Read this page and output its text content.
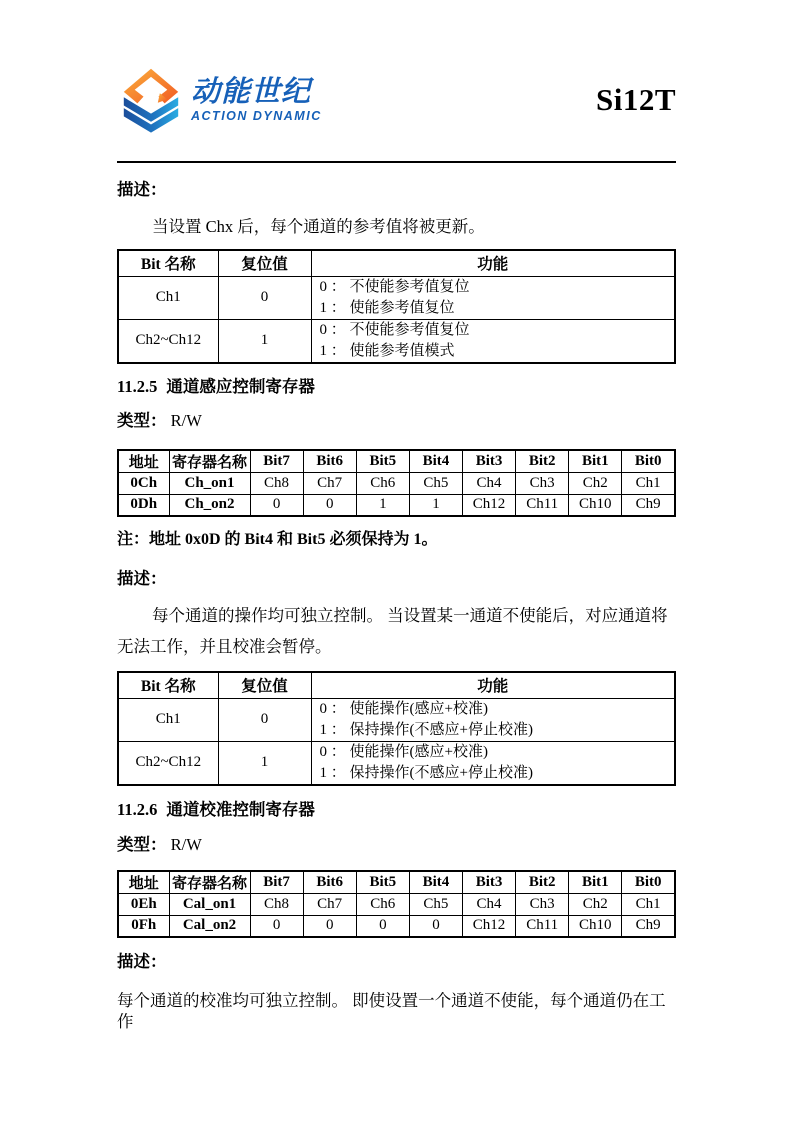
动能世纪
ACTION DYNAMIC	Si12T
描述：
当设置 Chx 后，每个通道的参考值将被更新。
Bit 名称	复位值	功能
Ch1	0	0 ： 不使能参考值复位
1 ： 使能参考值复位

Ch2~Ch12	1	0 ： 不使能参考值复位
1 ： 使能参考值模式
11.2.5 通道感应控制寄存器
类型： R/W
地址	寄存器名称	Bit7	Bit6	Bit5	Bit4	Bit3	Bit2	Bit1	Bit0
0Ch	Ch_on1	Ch8	Ch7	Ch6	Ch5	Ch4	Ch3	Ch2	Ch1
0Dh	Ch_on2	0	0	1	1	Ch12	Ch11	Ch10	Ch9
注：地址 0x0D 的 Bit4 和 Bit5 必须保持为 1。
描述：
每个通道的操作均可独立控制。 当设置某一通道不使能后，对应通道将无法工作，并且校准会暂停。
Bit 名称	复位值	功能
Ch1	0	0 ： 使能操作(感应+校准)
1 ： 保持操作(不感应+停止校准)

Ch2~Ch12	1	0 ： 使能操作(感应+校准)
1 ： 保持操作(不感应+停止校准)
11.2.6 通道校准控制寄存器
类型： R/W
地址	寄存器名称	Bit7	Bit6	Bit5	Bit4	Bit3	Bit2	Bit1	Bit0
0Eh	Cal_on1	Ch8	Ch7	Ch6	Ch5	Ch4	Ch3	Ch2	Ch1
0Fh	Cal_on2	0	0	0	0	Ch12	Ch11	Ch10	Ch9
描述：
每个通道的校准均可独立控制。 即使设置一个通道不使能，每个通道仍在工作
